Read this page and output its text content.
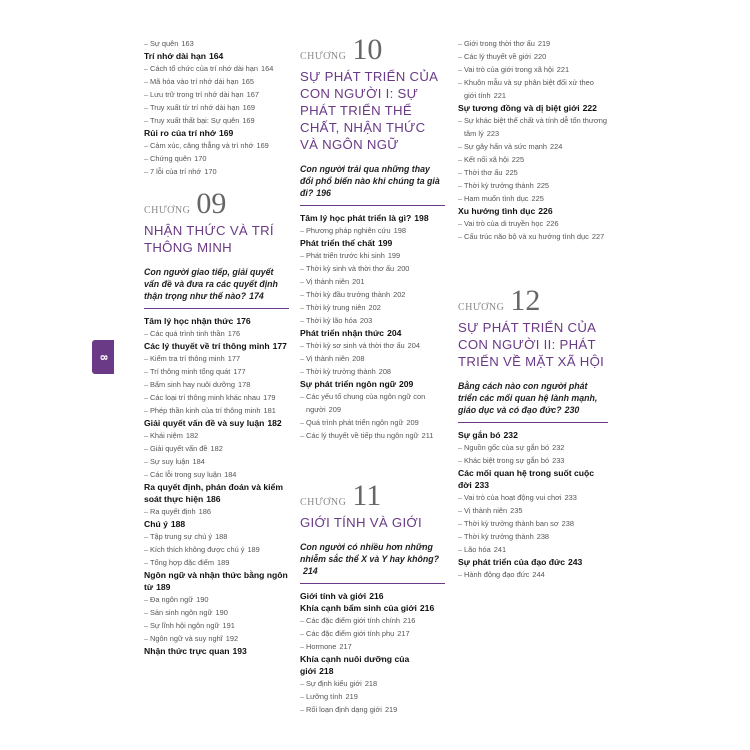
8
– Sự quên 163
Trí nhớ dài hạn 164
– Cách tổ chức của trí nhớ dài hạn 164
– Mã hóa vào trí nhớ dài hạn 165
– Lưu trữ trong trí nhớ dài hạn 167
– Truy xuất từ trí nhớ dài hạn 169
– Truy xuất thất bại: Sự quên 169
Rủi ro của trí nhớ 169
– Cảm xúc, căng thẳng và trí nhớ 169
– Chứng quên 170
– 7 lỗi của trí nhớ 170
CHƯƠNG 09
NHẬN THỨC VÀ TRÍ THÔNG MINH
Con người giao tiếp, giải quyết vấn đề và đưa ra các quyết định thận trọng như thế nào? 174
Tâm lý học nhận thức 176
– Các quá trình tinh thần 176
Các lý thuyết về trí thông minh 177
– Kiểm tra trí thông minh 177
– Trí thông minh tổng quát 177
– Bẩm sinh hay nuôi dưỡng 178
– Các loại trí thông minh khác nhau 179
– Phép thần kinh của trí thông minh 181
Giải quyết vấn đề và suy luận 182
– Khái niệm 182
– Giải quyết vấn đề 182
– Sự suy luận 184
– Các lỗi trong suy luận 184
Ra quyết định, phán đoán và kiểm soát thực hiện 186
– Ra quyết định 186
Chú ý 188
– Tập trung sự chú ý 188
– Kích thích không được chú ý 189
– Tổng hợp đặc điểm 189
Ngôn ngữ và nhận thức bằng ngôn từ 189
– Đa ngôn ngữ 190
– Sản sinh ngôn ngữ 190
– Sự lĩnh hội ngôn ngữ 191
– Ngôn ngữ và suy nghĩ 192
Nhận thức trực quan 193
CHƯƠNG 10
SỰ PHÁT TRIỂN CỦA CON NGƯỜI I: SỰ PHÁT TRIỂN THỂ CHẤT, NHẬN THỨC VÀ NGÔN NGỮ
Con người trải qua những thay đổi phổ biến nào khi chúng ta già đi? 196
Tâm lý học phát triển là gì? 198
– Phương pháp nghiên cứu 198
Phát triển thể chất 199
– Phát triển trước khi sinh 199
– Thời kỳ sinh và thời thơ ấu 200
– Vị thành niên 201
– Thời kỳ đầu trưởng thành 202
– Thời kỳ trung niên 202
– Thời kỳ lão hóa 203
Phát triển nhận thức 204
– Thời kỳ sơ sinh và thời thơ ấu 204
– Vị thành niên 208
– Thời kỳ trưởng thành 208
Sự phát triển ngôn ngữ 209
– Các yếu tố chung của ngôn ngữ con người 209
– Quá trình phát triển ngôn ngữ 209
– Các lý thuyết về tiếp thu ngôn ngữ 211
CHƯƠNG 11
GIỚI TÍNH VÀ GIỚI
Con người có nhiều hơn những nhiễm sắc thể X và Y hay không?214
Giới tính và giới 216
Khía cạnh bẩm sinh của giới 216
– Các đặc điểm giới tính chính 216
– Các đặc điểm giới tính phụ 217
– Hormone 217
Khía cạnh nuôi dưỡng của giới 218
– Sự định kiểu giới 218
– Lưỡng tính 219
– Rối loạn định dạng giới 219
– Giới trong thời thơ ấu 219
– Các lý thuyết về giới 220
– Vai trò của giới trong xã hội 221
– Khuôn mẫu và sự phân biệt đối xử theo giới tính 221
Sự tương đồng và dị biệt giới 222
– Sự khác biệt thể chất và tính dễ tổn thương tâm lý 223
– Sự gây hấn và sức mạnh 224
– Kết nối xã hội 225
– Thời thơ ấu 225
– Thời kỳ trưởng thành 225
– Ham muốn tình dục 225
Xu hướng tình dục 226
– Vai trò của di truyền học 226
– Cấu trúc não bộ và xu hướng tình dục 227
CHƯƠNG 12
SỰ PHÁT TRIỂN CỦA CON NGƯỜI II: PHÁT TRIỂN VỀ MẶT XÃ HỘI
Bằng cách nào con người phát triển các mối quan hệ lành mạnh, giáo dục và có đạo đức? 230
Sự gắn bó 232
– Nguồn gốc của sự gắn bó 232
– Khác biệt trong sự gắn bó 233
Các mối quan hệ trong suốt cuộc đời 233
– Vai trò của hoạt động vui chơi 233
– Vị thành niên 235
– Thời kỳ trưởng thành ban sơ 238
– Thời kỳ trưởng thành 238
– Lão hóa 241
Sự phát triển của đạo đức 243
– Hành động đạo đức 244
